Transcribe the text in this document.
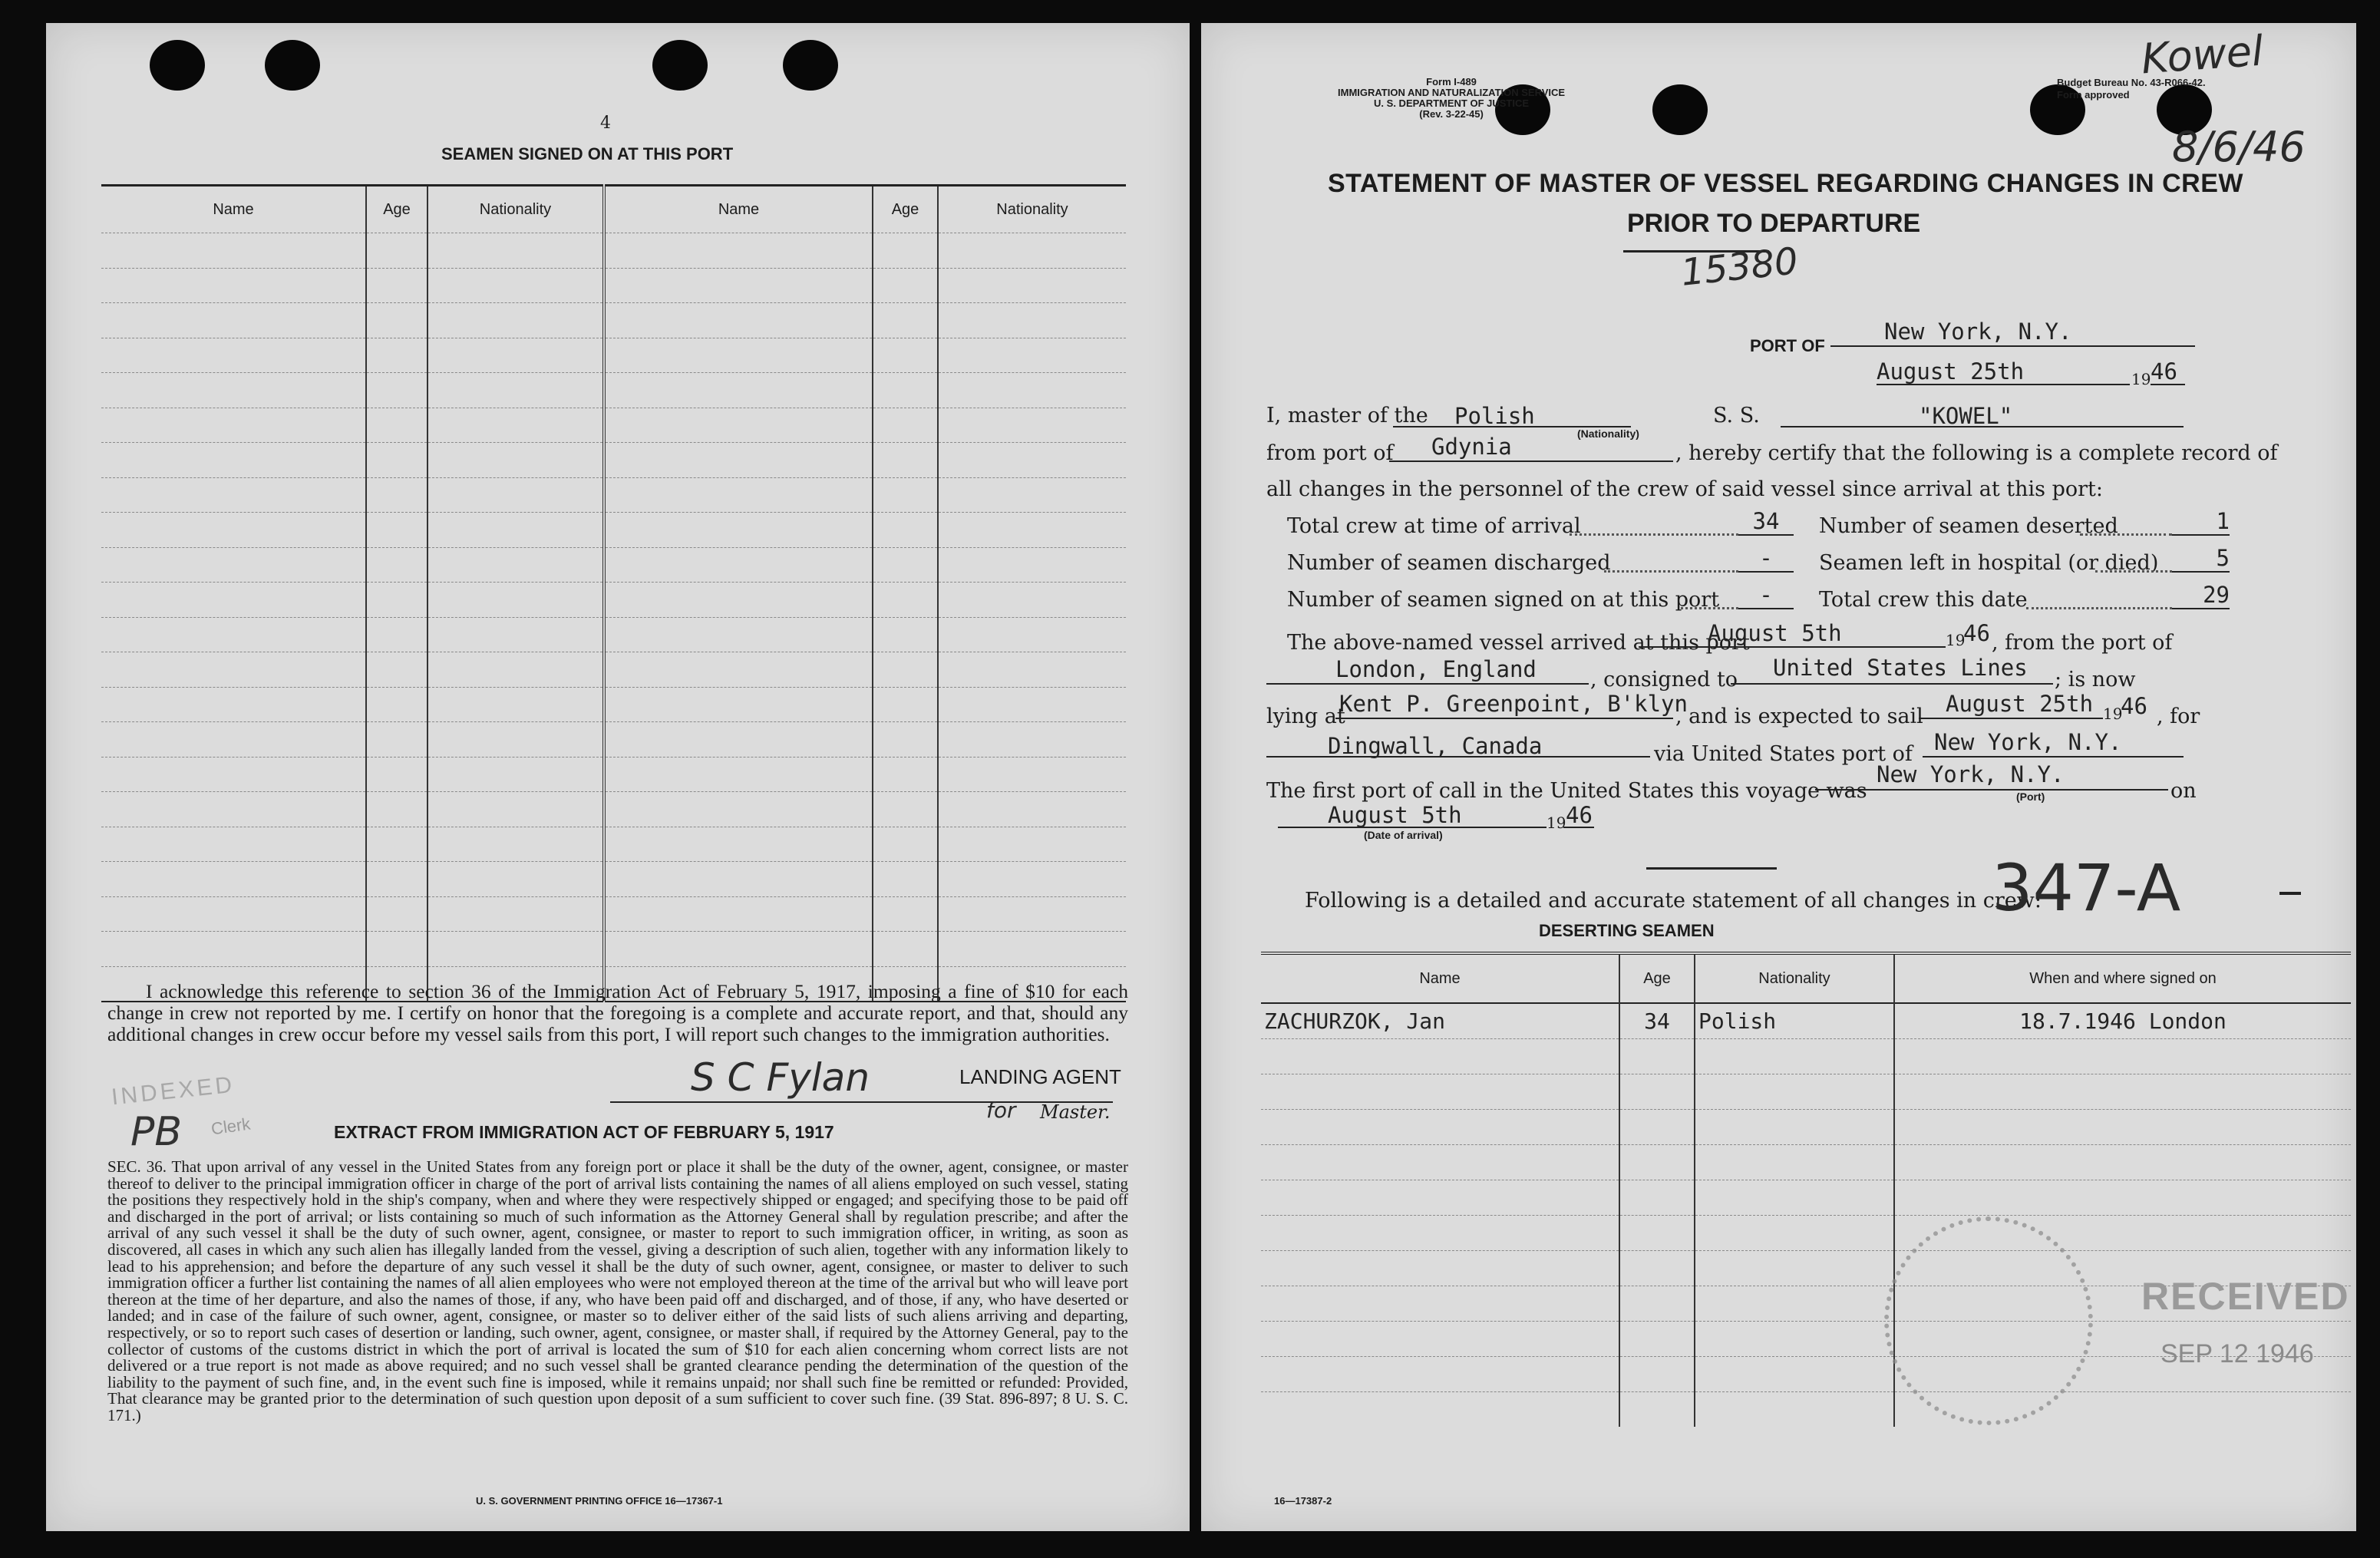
4
SEAMEN SIGNED ON AT THIS PORT
Name	Age	Nationality	Name	Age	Nationality

I acknowledge this reference to section 36 of the Immigration Act of February 5, 1917, imposing a fine of $10 for each change in crew not reported by me. I certify on honor that the foregoing is a complete and accurate report, and that, should any additional changes in crew occur before my vessel sails from this port, I will report such changes to the immigration authorities.
S C Fylan	LANDING AGENT
for Master.
INDEXED
PB Clerk	EXTRACT FROM IMMIGRATION ACT OF FEBRUARY 5, 1917
SEC. 36. That upon arrival of any vessel in the United States from any foreign port or place it shall be the duty of the owner, agent, consignee, or master thereof to deliver to the principal immigration officer in charge of the port of arrival lists containing the names of all aliens employed on such vessel, stating the positions they respectively hold in the ship's company, when and where they were respectively shipped or engaged; and specifying those to be paid off and discharged in the port of arrival; or lists containing so much of such information as the Attorney General shall by regulation prescribe; and after the arrival of any such vessel it shall be the duty of such owner, agent, consignee, or master to report to such immigration officer, in writing, as soon as discovered, all cases in which any such alien has illegally landed from the vessel, giving a description of such alien, together with any information likely to lead to his apprehension; and before the departure of any such vessel it shall be the duty of such owner, agent, consignee, or master to deliver to such immigration officer a further list containing the names of all alien employees who were not employed thereon at the time of the arrival but who will leave port thereon at the time of her departure, and also the names of those, if any, who have been paid off and discharged, and of those, if any, who have deserted or landed; and in case of the failure of such owner, agent, consignee, or master so to deliver either of the said lists of such aliens arriving and departing, respectively, or so to report such cases of desertion or landing, such owner, agent, consignee, or master shall, if required by the Attorney General, pay to the collector of customs of the customs district in which the port of arrival is located the sum of $10 for each alien concerning whom correct lists are not delivered or a true report is not made as above required; and no such vessel shall be granted clearance pending the determination of the question of the liability to the payment of such fine, and, in the event such fine is imposed, while it remains unpaid; nor shall such fine be remitted or refunded: Provided, That clearance may be granted prior to the determination of such question upon deposit of a sum sufficient to cover such fine. (39 Stat. 896-897; 8 U. S. C. 171.)
U. S. GOVERNMENT PRINTING OFFICE 16—17367-1
Form I-489
IMMIGRATION AND NATURALIZATION SERVICE
U. S. DEPARTMENT OF JUSTICE
(Rev. 3-22-45)
Budget Bureau No. 43-R066-42.
Form approved
Kowel
8/6/46
STATEMENT OF MASTER OF VESSEL REGARDING CHANGES IN CREW
PRIOR TO DEPARTURE
15380
PORT OF
New York, N.Y.
August 25th	19 46
I, master of the Polish
(Nationality)
S. S.	"KOWEL"
from port of Gdynia	, hereby certify that the following is a complete record of
all changes in the personnel of the crew of said vessel since arrival at this port:
The above-named vessel arrived at this port
August 5th	19
46 , from the port of
London, England	, consigned to United States Lines ; is now
lying at
Kent P. Greenpoint, B'klyn
, and is expected to sail August 25th 19
46 , for
Dingwall, Canada	via United States port of New York, N.Y.
The first port of call in the United States this voyage was
New York, N.Y.
on
(Port)
August 5th	19 46
(Date of arrival)
Following is a detailed and accurate statement of all changes in crew:
347-A
DESERTING SEAMEN
Name	Age	Nationality	When and where signed on
ZACHURZOK, Jan	34	Polish	18.7.1946 London

RECEIVED
SEP 12 1946
16—17387-2
Total crew at time of arrival	34
Number of seamen discharged	-
Number of seamen signed on at this port	-
Number of seamen deserted	1
Seamen left in hospital (or died)	5
Total crew this date	29
